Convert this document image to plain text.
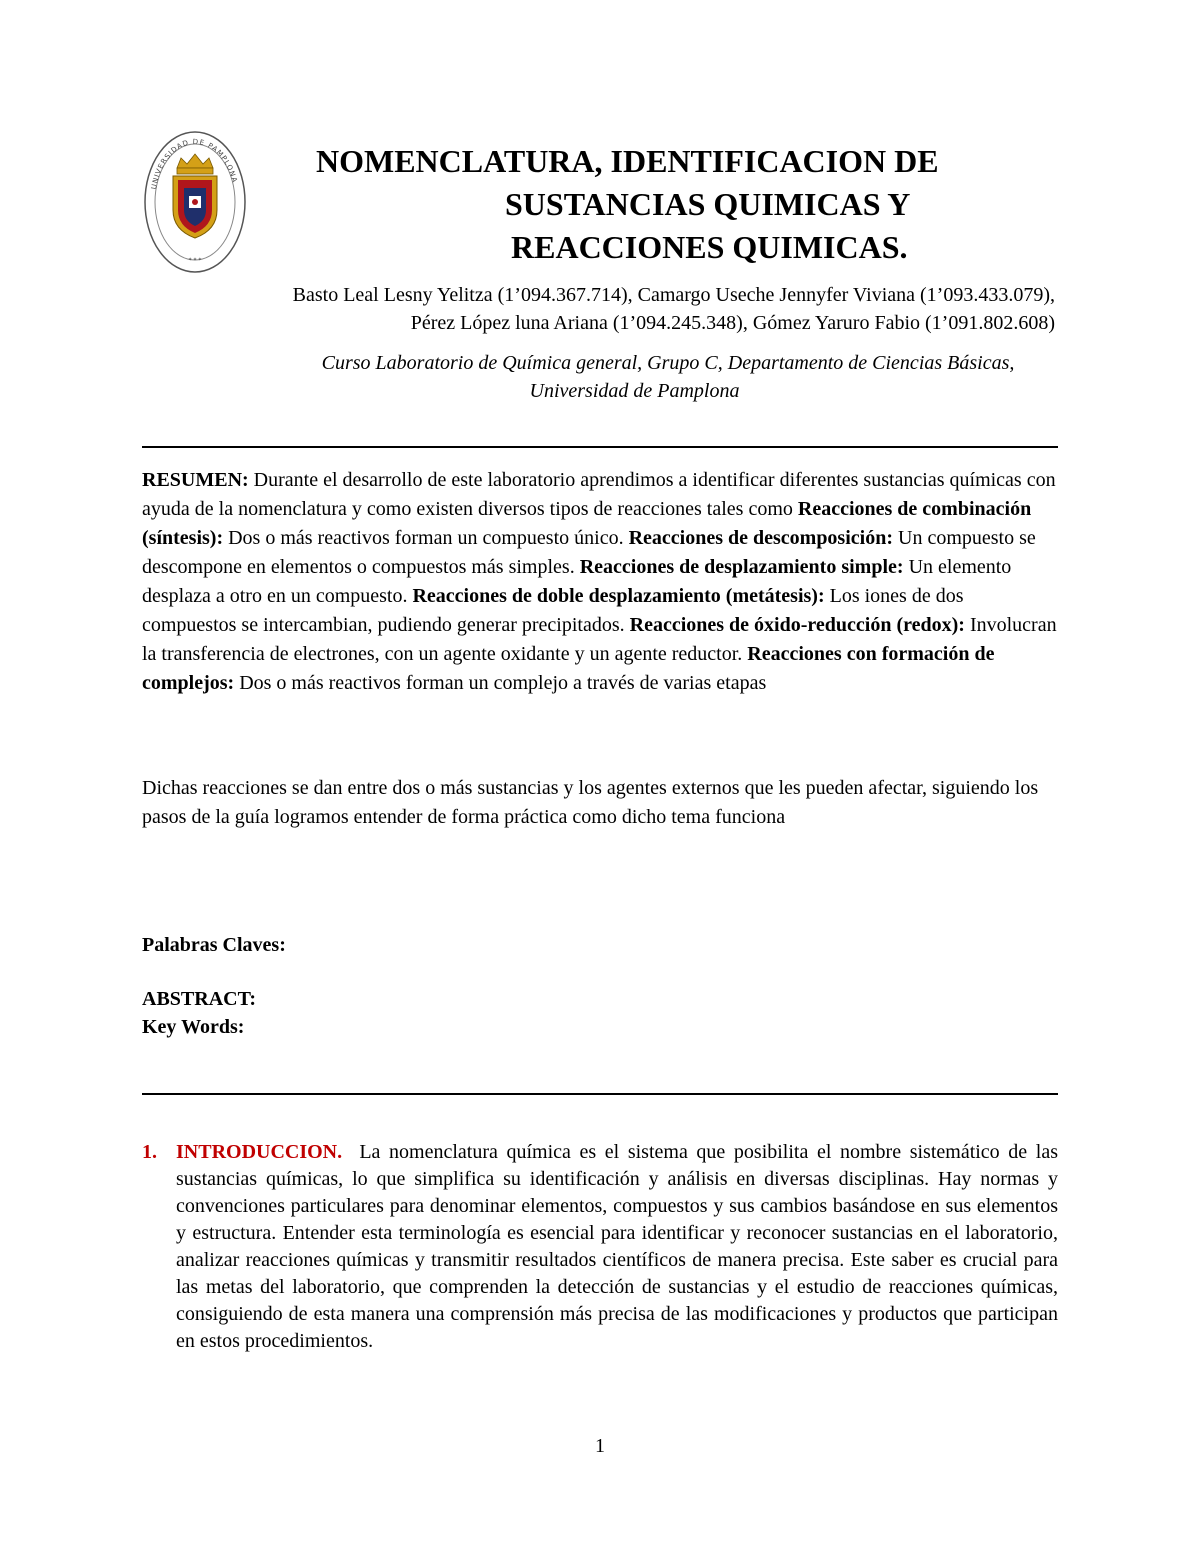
UNIVERSIDAD DE PAMPLONA
* * *
NOMENCLATURA, IDENTIFICACION DE
SUSTANCIAS QUIMICAS Y
REACCIONES QUIMICAS.
Basto Leal Lesny Yelitza (1’094.367.714), Camargo Useche Jennyfer Viviana (1’093.433.079),
Pérez López luna Ariana (1’094.245.348), Gómez Yaruro Fabio (1’091.802.608)
Curso Laboratorio de Química general, Grupo C, Departamento de Ciencias Básicas,
Universidad de Pamplona

RESUMEN: Durante el desarrollo de este laboratorio aprendimos a identificar diferentes sustancias químicas con ayuda de la nomenclatura y como existen diversos tipos de reacciones tales como Reacciones de combinación (síntesis): Dos o más reactivos forman un compuesto único. Reacciones de descomposición: Un compuesto se descompone en elementos o compuestos más simples. Reacciones de desplazamiento simple: Un elemento desplaza a otro en un compuesto. Reacciones de doble desplazamiento (metátesis): Los iones de dos compuestos se intercambian, pudiendo generar precipitados. Reacciones de óxido-reducción (redox): Involucran la transferencia de electrones, con un agente oxidante y un agente reductor. Reacciones con formación de complejos: Dos o más reactivos forman un complejo a través de varias etapas

Dichas reacciones se dan entre dos o más sustancias y los agentes externos que les pueden afectar, siguiendo los pasos de la guía logramos entender de forma práctica como dicho tema funciona

Palabras Claves:
ABSTRACT:
Key Words:
1. INTRODUCCION. La nomenclatura química es el sistema que posibilita el nombre sistemático de las sustancias químicas, lo que simplifica su identificación y análisis en diversas disciplinas. Hay normas y convenciones particulares para denominar elementos, compuestos y sus cambios basándose en sus elementos y estructura. Entender esta terminología es esencial para identificar y reconocer sustancias en el laboratorio, analizar reacciones químicas y transmitir resultados científicos de manera precisa. Este saber es crucial para las metas del laboratorio, que comprenden la detección de sustancias y el estudio de reacciones químicas, consiguiendo de esta manera una comprensión más precisa de las modificaciones y productos que participan en estos procedimientos.
1
